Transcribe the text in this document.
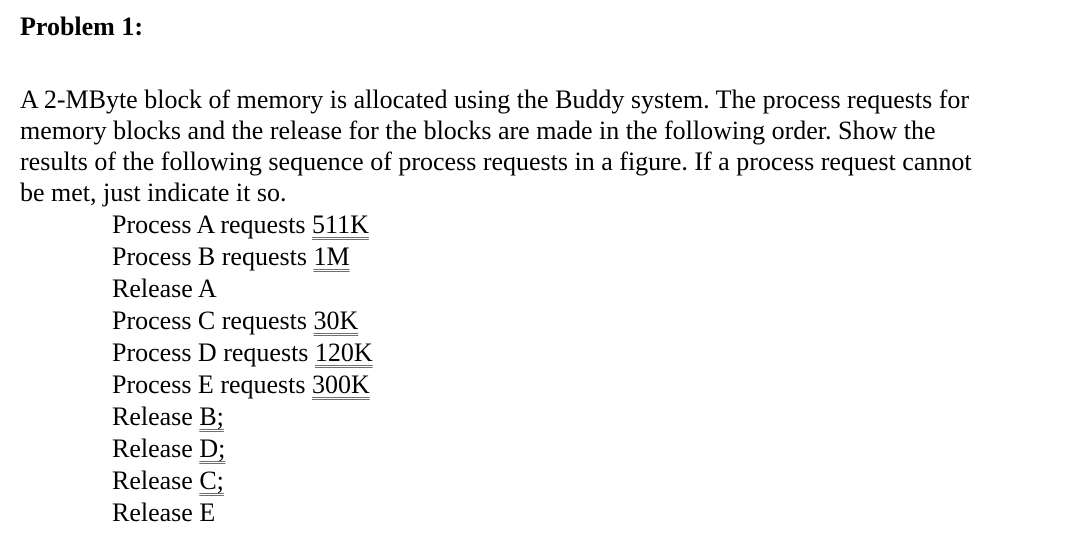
Problem 1:
A 2-MByte block of memory is allocated using the Buddy system. The process requests for
memory blocks and the release for the blocks are made in the following order. Show the
results of the following sequence of process requests in a figure. If a process request cannot
be met, just indicate it so.
Process A requests 511K
Process B requests 1M
Release A
Process C requests 30K
Process D requests 120K
Process E requests 300K
Release B;
Release D;
Release C;
Release E
